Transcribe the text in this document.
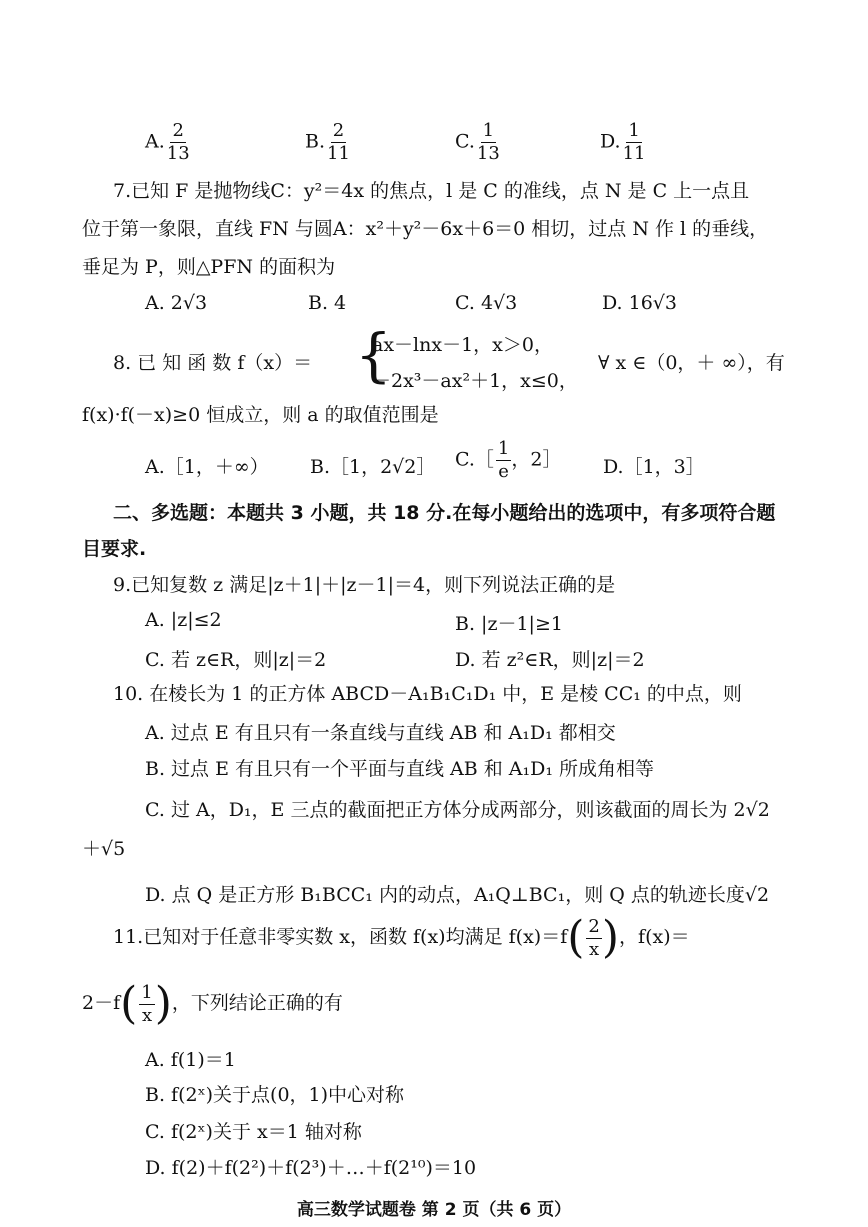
A. $\frac{2}{13}$	B. $\frac{2}{11}$	C. $\frac{1}{13}$	D. $\frac{1}{11}$
7.已知 F 是抛物线C：y²＝4x 的焦点，l 是 C 的准线，点 N 是 C 上一点且
位于第一象限，直线 FN 与圆A：x²＋y²－6x＋6＝0 相切，过点 N 作 l 的垂线，
垂足为 P，则△PFN 的面积为
A. 2√3	B. 4	C. 4√3	D. 16√3
8. 已 知 函 数 f（x）＝ {
ax－lnx－1，x＞0，
－2x³－ax²＋1，x≤0，
∀ x ∈（0，＋ ∞），有
f(x)·f(－x)≥0 恒成立，则 a 的取值范围是
A.［1，＋∞） B.［1，2√2］ C.［ $\frac{1}{e}$ ，2］ D.［1，3］
二、多选题：本题共 3 小题，共 18 分.在每小题给出的选项中，有多项符合题
目要求.
9.已知复数 z 满足|z＋1|＋|z－1|＝4，则下列说法正确的是
A. |z|≤2	B. |z－1|≥1
C. 若 z∈R，则|z|＝2	D. 若 z²∈R，则|z|＝2
10. 在棱长为 1 的正方体 ABCD－A₁B₁C₁D₁ 中，E 是棱 CC₁ 的中点，则
A. 过点 E 有且只有一条直线与直线 AB 和 A₁D₁ 都相交
B. 过点 E 有且只有一个平面与直线 AB 和 A₁D₁ 所成角相等
C. 过 A，D₁，E 三点的截面把正方体分成两部分，则该截面的周长为 2√2
＋√5
D. 点 Q 是正方形 B₁BCC₁ 内的动点，A₁Q⊥BC₁，则 Q 点的轨迹长度√2
11.已知对于任意非零实数 x，函数 f(x)均满足 $f(x)=f( \frac{2}{x}$ )，f(x)＝
$2-f( \frac{1}{x}$ )，下列结论正确的有
A. f(1)＝1
B. f(2ˣ)关于点(0，1)中心对称
C. f(2ˣ)关于 x＝1 轴对称
D. f(2)＋f(2²)＋f(2³)＋…＋f(2¹⁰)＝10
高三数学试题卷 第 2 页（共 6 页）
